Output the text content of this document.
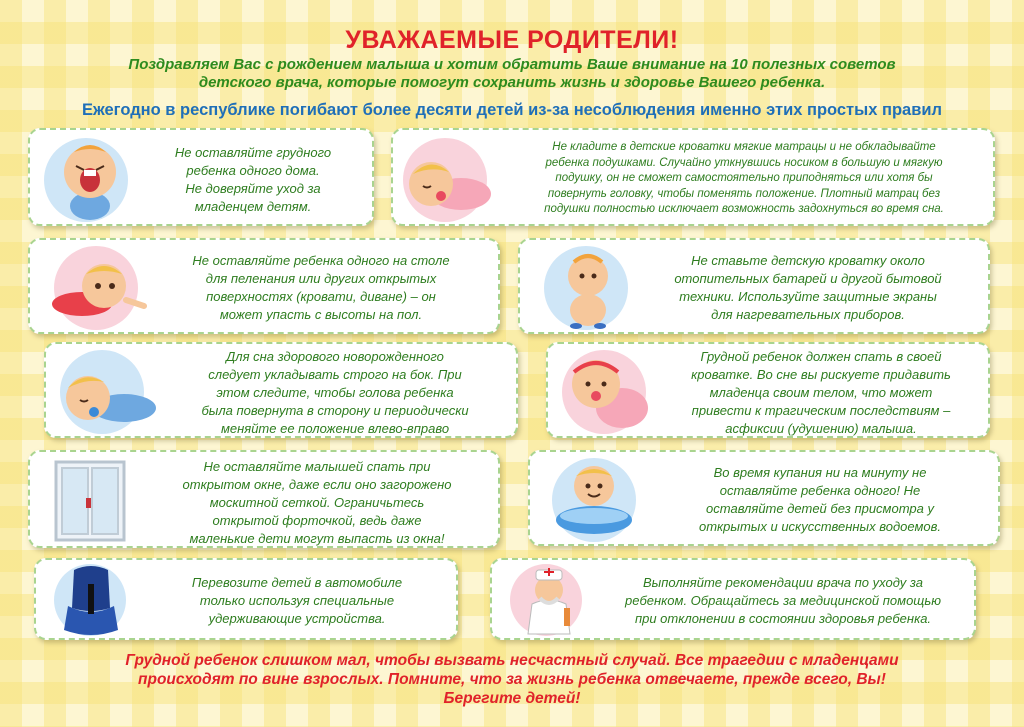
УВАЖАЕМЫЕ РОДИТЕЛИ!
Поздравляем Вас с рождением малыша и хотим обратить Ваше внимание на 10 полезных советов
детского врача, которые помогут сохранить жизнь и здоровье Вашего ребенка.
Ежегодно в республике погибают более десяти детей из-за несоблюдения именно этих простых правил
Не оставляйте грудного
ребенка одного дома.
Не доверяйте уход за
младенцем детям.
Не кладите в детские кроватки мягкие матрацы и не обкладывайте
ребенка подушками. Случайно уткнувшись носиком в большую и мягкую
подушку, он не сможет самостоятельно приподняться или хотя бы
повернуть головку, чтобы поменять положение. Плотный матрац без
подушки полностью исключает возможность задохнуться во время сна.
Не оставляйте ребенка одного на столе
для пеленания или других открытых
поверхностях (кровати, диване) – он
может упасть с высоты на пол.
Не ставьте детскую кроватку около
отопительных батарей и другой бытовой
техники. Используйте защитные экраны
для нагревательных приборов.
Для сна здорового новорожденного
следует укладывать строго на бок. При
этом следите, чтобы голова ребенка
была повернута в сторону и периодически
меняйте ее положение влево-вправо
Грудной ребенок должен спать в своей
кроватке. Во сне вы рискуете придавить
младенца своим телом, что может
привести к трагическим последствиям –
асфиксии (удушению) малыша.
Не оставляйте малышей спать при
открытом окне, даже если оно загорожено
москитной сеткой. Ограничьтесь
открытой форточкой, ведь даже
маленькие дети могут выпасть из окна!
Во время купания ни на минуту не
оставляйте ребенка одного! Не
оставляйте детей без присмотра у
открытых и искусственных водоемов.
Перевозите детей в автомобиле
только используя специальные
удерживающие устройства.
Выполняйте рекомендации врача по уходу за
ребенком. Обращайтесь за медицинской помощью
при отклонении в состоянии здоровья ребенка.
Грудной ребенок слишком мал, чтобы вызвать несчастный случай. Все трагедии с младенцами
происходят по вине взрослых. Помните, что за жизнь ребенка отвечаете, прежде всего, Вы!
Берегите детей!
